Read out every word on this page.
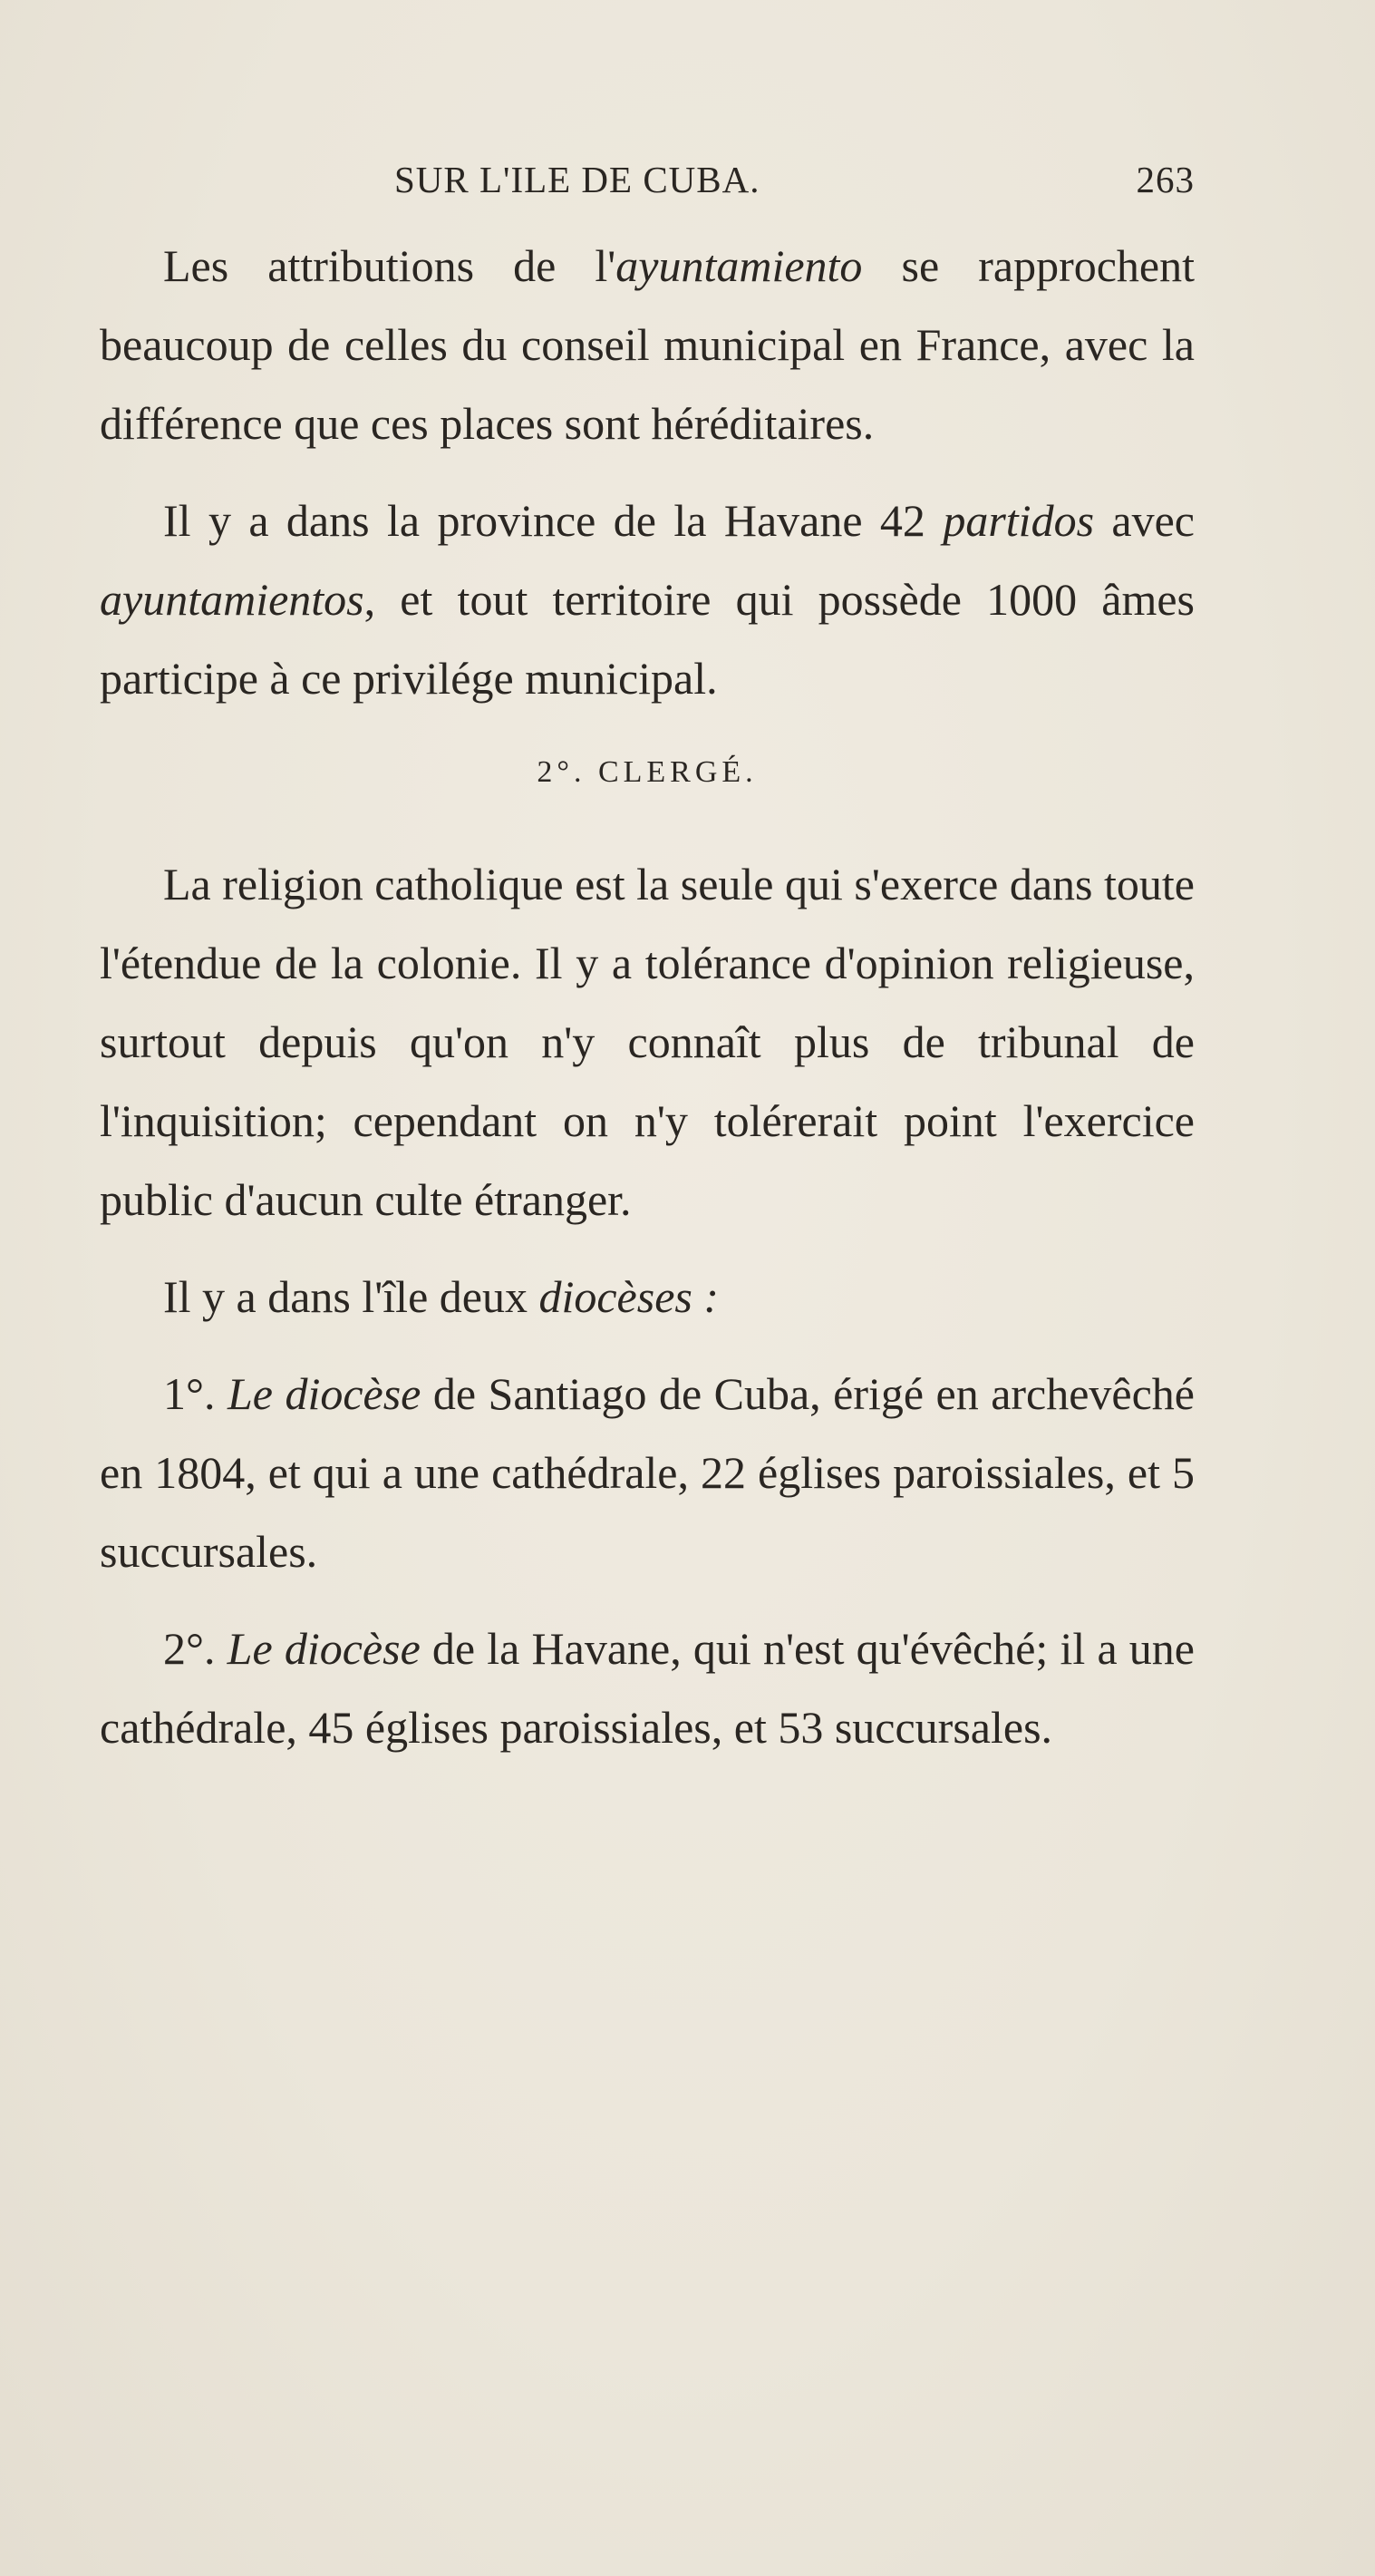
SUR L'ILE DE CUBA.	263

Les attributions de l'ayuntamiento se rapprochent beaucoup de celles du conseil municipal en France, avec la différence que ces places sont héréditaires.

Il y a dans la province de la Havane 42 partidos avec ayuntamientos, et tout territoire qui possède 1000 âmes participe à ce privilége municipal.

2°. CLERGÉ.

La religion catholique est la seule qui s'exerce dans toute l'étendue de la colonie. Il y a tolérance d'opinion religieuse, surtout depuis qu'on n'y connaît plus de tribunal de l'inquisition; cependant on n'y tolérerait point l'exercice public d'aucun culte étranger.

Il y a dans l'île deux diocèses :

1°. Le diocèse de Santiago de Cuba, érigé en archevêché en 1804, et qui a une cathédrale, 22 églises paroissiales, et 5 succursales.

2°. Le diocèse de la Havane, qui n'est qu'évêché; il a une cathédrale, 45 églises paroissiales, et 53 succursales.
